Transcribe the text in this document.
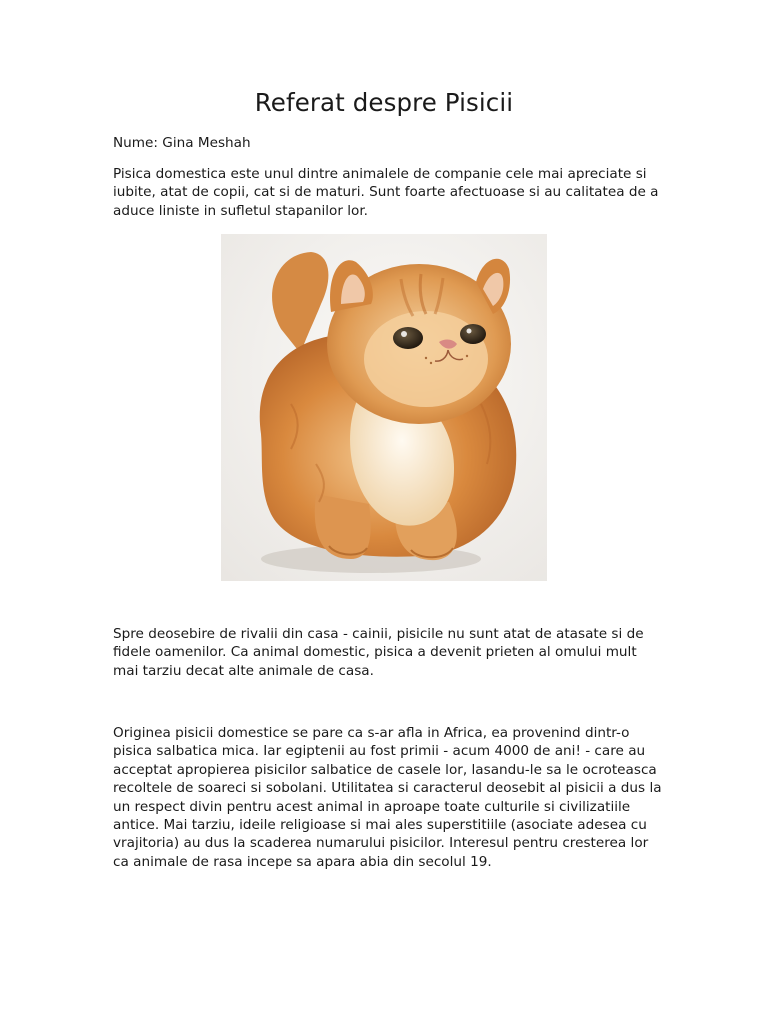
Referat despre Pisicii

Nume: Gina Meshah

Pisica domestica este unul dintre animalele de companie cele mai apreciate si iubite, atat de copii, cat si de maturi. Sunt foarte afectuoase si au calitatea de a aduce liniste in sufletul stapanilor lor.

Spre deosebire de rivalii din casa - cainii, pisicile nu sunt atat de atasate si de fidele oamenilor. Ca animal domestic, pisica a devenit prieten al omului mult mai tarziu decat alte animale de casa.

Originea pisicii domestice se pare ca s-ar afla in Africa, ea provenind dintr-o pisica salbatica mica. Iar egiptenii au fost primii - acum 4000 de ani! - care au acceptat apropierea pisicilor salbatice de casele lor, lasandu-le sa le ocroteasca recoltele de soareci si sobolani. Utilitatea si caracterul deosebit al pisicii a dus la un respect divin pentru acest animal in aproape toate culturile si civilizatiile antice. Mai tarziu, ideile religioase si mai ales superstitiile (asociate adesea cu vrajitoria) au dus la scaderea numarului pisicilor. Interesul pentru cresterea lor ca animale de rasa incepe sa apara abia din secolul 19.
